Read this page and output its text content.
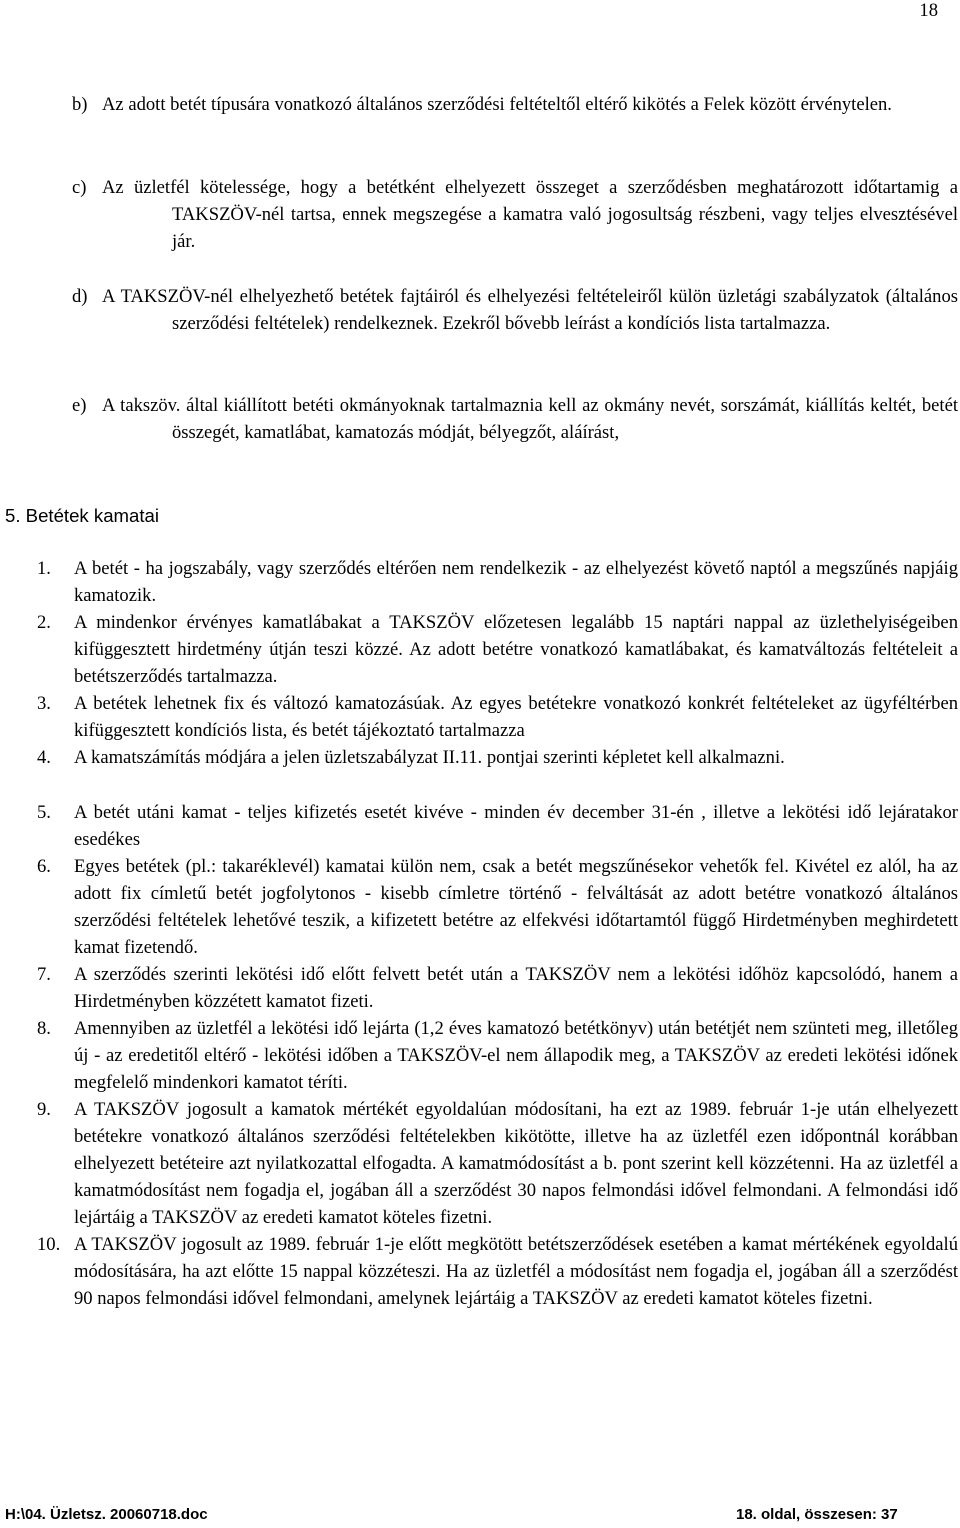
18
b) Az adott betét típusára vonatkozó általános szerződési feltételtől eltérő kikötés a Felek között érvénytelen.
c) Az üzletfél kötelessége, hogy a betétként elhelyezett összeget a szerződésben meghatározott időtartamig a TAKSZÖV-nél tartsa, ennek megszegése a kamatra való jogosultság részbeni, vagy teljes elvesztésével jár.
d) A TAKSZÖV-nél elhelyezhető betétek fajtáiról és elhelyezési feltételeiről külön üzletági szabályzatok (általános szerződési feltételek) rendelkeznek. Ezekről bővebb leírást a kondíciós lista tartalmazza.
e) A takszöv. által kiállított betéti okmányoknak tartalmaznia kell az okmány nevét, sorszámát, kiállítás keltét, betét összegét, kamatlábat, kamatozás módját, bélyegzőt, aláírást,
5. Betétek kamatai
1. A betét - ha jogszabály, vagy szerződés eltérően nem rendelkezik - az elhelyezést követő naptól a megszűnés napjáig kamatozik.
2. A mindenkor érvényes kamatlábakat a TAKSZÖV előzetesen legalább 15 naptári nappal az üzlethelyiségeiben kifüggesztett hirdetmény útján teszi közzé. Az adott betétre vonatkozó kamatlábakat, és kamatváltozás feltételeit a betétszerződés tartalmazza.
3. A betétek lehetnek fix és változó kamatozásúak. Az egyes betétekre vonatkozó konkrét feltételeket az ügyféltérben kifüggesztett kondíciós lista, és betét tájékoztató tartalmazza
4. A kamatszámítás módjára a jelen üzletszabályzat II.11. pontjai szerinti képletet kell alkalmazni.
5. A betét utáni kamat - teljes kifizetés esetét kivéve - minden év december 31-én , illetve a lekötési idő lejáratakor esedékes
6. Egyes betétek (pl.: takaréklevél) kamatai külön nem, csak a betét megszűnésekor vehetők fel. Kivétel ez alól, ha az adott fix címletű betét jogfolytonos - kisebb címletre történő - felváltását az adott betétre vonatkozó általános szerződési feltételek lehetővé teszik, a kifizetett betétre az elfekvési időtartamtól függő Hirdetményben meghirdetett kamat fizetendő.
7. A szerződés szerinti lekötési idő előtt felvett betét után a TAKSZÖV nem a lekötési időhöz kapcsolódó, hanem a Hirdetményben közzétett kamatot fizeti.
8. Amennyiben az üzletfél a lekötési idő lejárta (1,2 éves kamatozó betétkönyv) után betétjét nem szünteti meg, illetőleg új - az eredetitől eltérő - lekötési időben a TAKSZÖV-el nem állapodik meg, a TAKSZÖV az eredeti lekötési időnek megfelelő mindenkori kamatot téríti.
9. A TAKSZÖV jogosult a kamatok mértékét egyoldalúan módosítani, ha ezt az 1989. február 1-je után elhelyezett betétekre vonatkozó általános szerződési feltételekben kikötötte, illetve ha az üzletfél ezen időpontnál korábban elhelyezett betéteire azt nyilatkozattal elfogadta. A kamatmódosítást a b. pont szerint kell közzétenni. Ha az üzletfél a kamatmódosítást nem fogadja el, jogában áll a szerződést 30 napos felmondási idővel felmondani. A felmondási idő lejártáig a TAKSZÖV az eredeti kamatot köteles fizetni.
10. A TAKSZÖV jogosult az 1989. február 1-je előtt megkötött betétszerződések esetében a kamat mértékének egyoldalú módosítására, ha azt előtte 15 nappal közzéteszi. Ha az üzletfél a módosítást nem fogadja el, jogában áll a szerződést 90 napos felmondási idővel felmondani, amelynek lejártáig a TAKSZÖV az eredeti kamatot köteles fizetni.
H:\04. Üzletsz. 20060718.doc	18. oldal, összesen: 37
